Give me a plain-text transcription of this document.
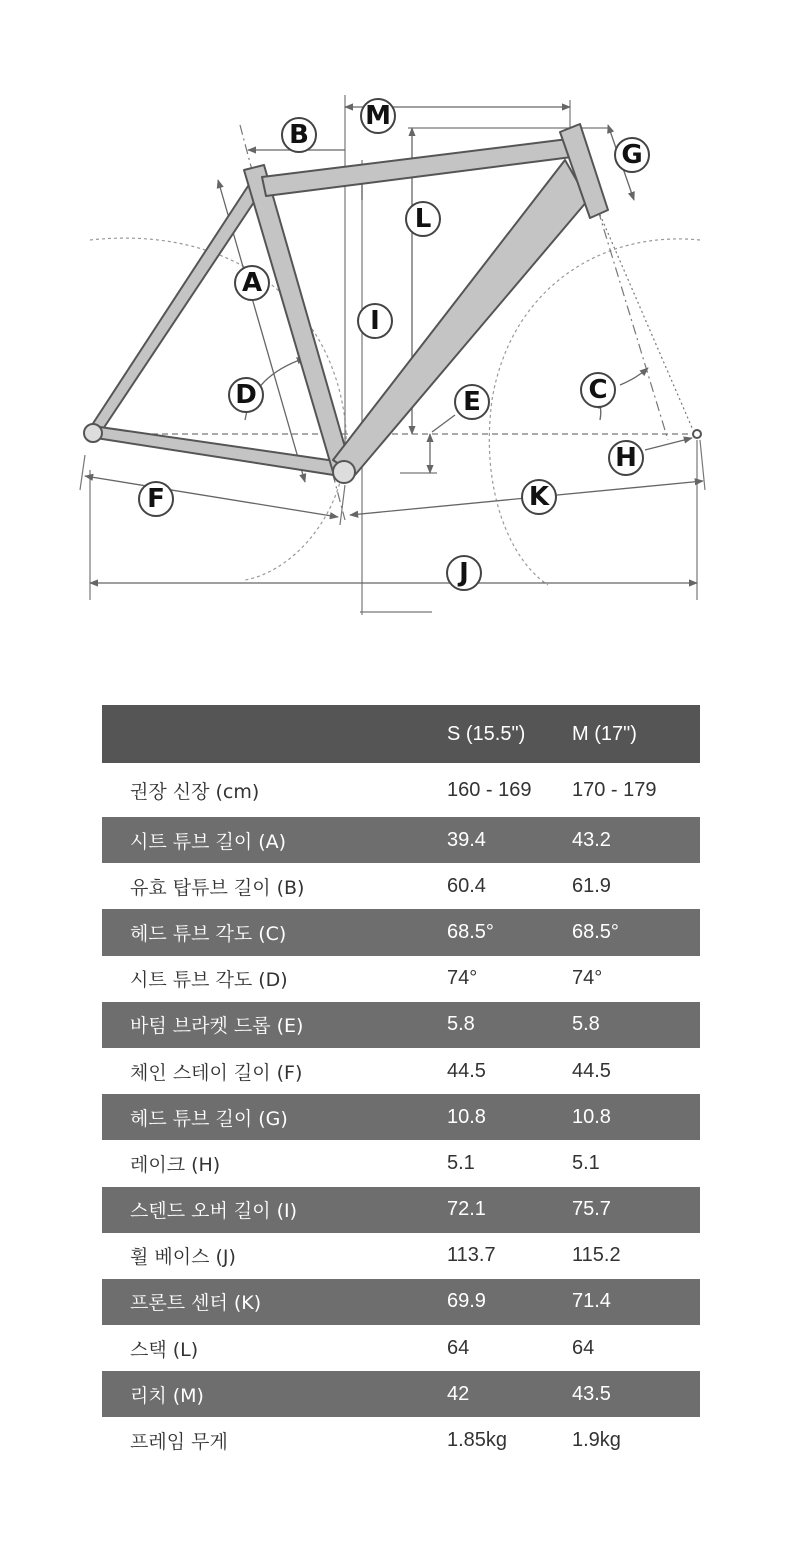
A
B
C
D	E
F
G
H
I
J
K
L
M
	S (15.5")	M (17")
권장 신장 (cm)	160 - 169	170 - 179
시트 튜브 길이 (A)	39.4	43.2
유효 탑튜브 길이 (B)	60.4	61.9
헤드 튜브 각도 (C)	68.5°	68.5°
시트 튜브 각도 (D)	74°	74°
바텀 브라켓 드롭 (E)	5.8	5.8
체인 스테이 길이 (F)	44.5	44.5
헤드 튜브 길이 (G)	10.8	10.8
레이크 (H)	5.1	5.1
스텐드 오버 길이 (I)	72.1	75.7
휠 베이스 (J)	113.7	115.2
프론트 센터 (K)	69.9	71.4
스택 (L)	64	64
리치 (M)	42	43.5
프레임 무게	1.85kg	1.9kg
